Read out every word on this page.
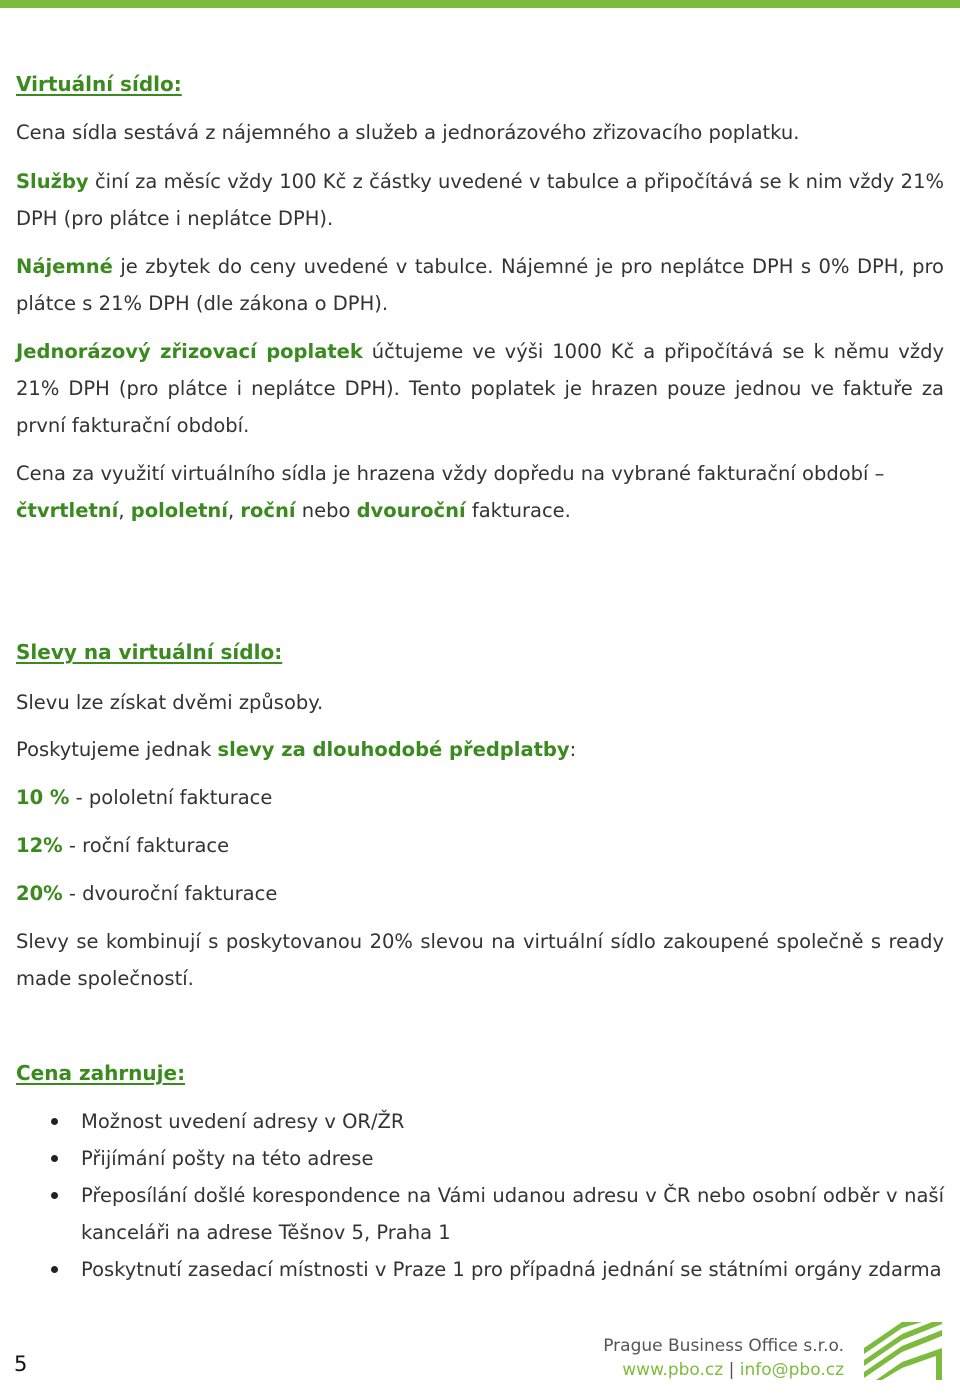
Virtuální sídlo:

Cena sídla sestává z nájemného a služeb a jednorázového zřizovacího poplatku.

Služby činí za měsíc vždy 100 Kč z částky uvedené v tabulce a připočítává se k nim vždy 21% DPH (pro plátce i neplátce DPH).

Nájemné je zbytek do ceny uvedené v tabulce. Nájemné je pro neplátce DPH s 0% DPH, pro plátce s 21% DPH (dle zákona o DPH).

Jednorázový zřizovací poplatek účtujeme ve výši 1000 Kč a připočítává se k němu vždy 21% DPH (pro plátce i neplátce DPH). Tento poplatek je hrazen pouze jednou ve faktuře za první fakturační období.

Cena za využití virtuálního sídla je hrazena vždy dopředu na vybrané fakturační období –
čtvrtletní, pololetní, roční nebo dvouroční fakturace.

Slevy na virtuální sídlo:

Slevu lze získat dvěmi způsoby.

Poskytujeme jednak slevy za dlouhodobé předplatby:

10 % - pololetní fakturace

12% - roční fakturace

20% - dvouroční fakturace

Slevy se kombinují s poskytovanou 20% slevou na virtuální sídlo zakoupené společně s ready made společností.

Cena zahrnuje:
Možnost uvedení adresy v OR/ŽR
Přijímání pošty na této adrese
Přeposílání došlé korespondence na Vámi udanou adresu v ČR nebo osobní odběr v naší kanceláři na adrese Těšnov 5, Praha 1
Poskytnutí zasedací místnosti v Praze 1 pro případná jednání se státními orgány zdarma
5
Prague Business Office s.r.o.
www.pbo.cz | info@pbo.cz
